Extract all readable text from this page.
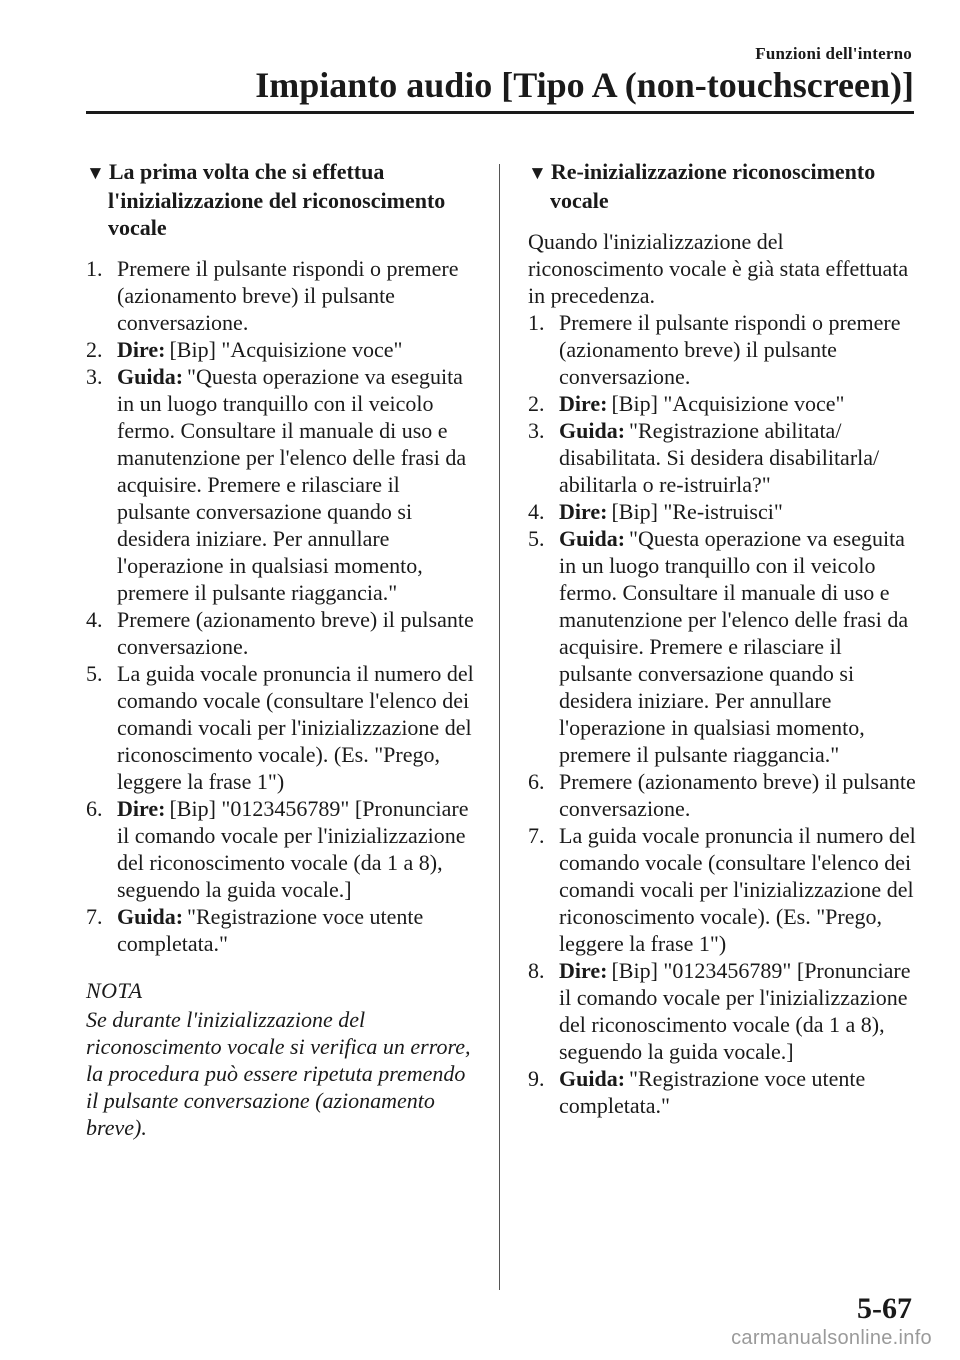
Funzioni dell'interno
Impianto audio [Tipo A (non-touchscreen)]
▼ La prima volta che si effettua l'inizializzazione del riconoscimento vocale
1. Premere il pulsante rispondi o premere (azionamento breve) il pulsante conversazione.
2. Dire: [Bip] "Acquisizione voce"
3. Guida: "Questa operazione va eseguita in un luogo tranquillo con il veicolo fermo. Consultare il manuale di uso e manutenzione per l'elenco delle frasi da acquisire. Premere e rilasciare il pulsante conversazione quando si desidera iniziare. Per annullare l'operazione in qualsiasi momento, premere il pulsante riaggancia."
4. Premere (azionamento breve) il pulsante conversazione.
5. La guida vocale pronuncia il numero del comando vocale (consultare l'elenco dei comandi vocali per l'inizializzazione del riconoscimento vocale). (Es. "Prego, leggere la frase 1")
6. Dire: [Bip] "0123456789" [Pronunciare il comando vocale per l'inizializzazione del riconoscimento vocale (da 1 a 8), seguendo la guida vocale.]
7. Guida: "Registrazione voce utente completata."
NOTA
Se durante l'inizializzazione del riconoscimento vocale si verifica un errore, la procedura può essere ripetuta premendo il pulsante conversazione (azionamento breve).
▼ Re-inizializzazione riconoscimento vocale

Quando l'inizializzazione del riconoscimento vocale è già stata effettuata in precedenza.

1. Premere il pulsante rispondi o premere (azionamento breve) il pulsante conversazione.
2. Dire: [Bip] "Acquisizione voce"
3. Guida: "Registrazione abilitata/ disabilitata. Si desidera disabilitarla/ abilitarla o re-istruirla?"
4. Dire: [Bip] "Re-istruisci"
5. Guida: "Questa operazione va eseguita in un luogo tranquillo con il veicolo fermo. Consultare il manuale di uso e manutenzione per l'elenco delle frasi da acquisire. Premere e rilasciare il pulsante conversazione quando si desidera iniziare. Per annullare l'operazione in qualsiasi momento, premere il pulsante riaggancia."
6. Premere (azionamento breve) il pulsante conversazione.
7. La guida vocale pronuncia il numero del comando vocale (consultare l'elenco dei comandi vocali per l'inizializzazione del riconoscimento vocale). (Es. "Prego, leggere la frase 1")
8. Dire: [Bip] "0123456789" [Pronunciare il comando vocale per l'inizializzazione del riconoscimento vocale (da 1 a 8), seguendo la guida vocale.]
9. Guida: "Registrazione voce utente completata."
5-67
carmanualsonline.info
